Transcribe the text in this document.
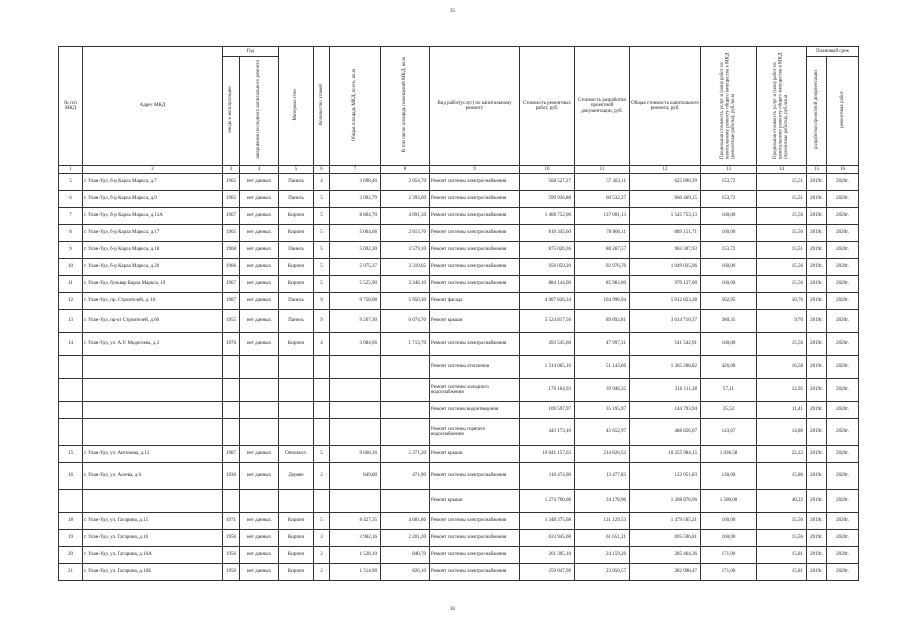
35
№ п/п МКД	Адрес МКД	Год		Материал стен	Количество этажей	Общая площадь МКД, всего, кв.м	В том числе площадь помещений МКД, кв.м	Вид работ(услуг) по капитальному ремонту	Стоимость ремонтных работ, руб.	Стоимость разработки проектной документации, руб.	Общая стоимость капитального ремонта, руб.	Предельная стоимость услуг и (или) работ по капитальному ремонту общего имущества в МКД (ремонтные работы), руб./кв.м	Предельная стоимость услуг и (или) работ по капитальному ремонту общего имущества в МКД (проектные работы), руб./кв.м	Плановый срок	
		ввода в эксплуатацию	завершения последнего капитального ремонта											разработки проектной документации	ремонтных работ
1	2	3	4	5	6	7	8	9	10	11	12	13	14	15	16
5	г. Улан-Удэ, б-р Карла Маркса, д.7	1965	нет данных	Панель	4	3 698,46	2 054,70	Ремонт системы электроснабжения	568 527,27	57 363,11	625 890,39	153,72	15,51	2019г.	2020г.
6	г. Улан-Удэ, б-р Карла Маркса, д.9	1965	нет данных	Панель	5	3 902,79	2 393,60	Ремонт системы электроснабжения	599 936,88	60 532,27	660 469,15	153,72	15,51	2019г.	2020г.
7	г. Улан-Удэ, б-р Карла Маркса, д.13А	1967	нет данных	Кирпич	5	8 804,70	4 891,50	Ремонт системы электроснабжения	1 408 752,00	137 001,13	1 545 753,13	160,00	15,56	2019г.	2020г.
8	г. Улан-Удэ, б-р Карла Маркса, д.17	1965	нет данных	Кирпич	5	5 064,66	2 813,70	Ремонт системы электроснабжения	810 345,60	78 806,11	889 151,71	160,00	15,56	2019г.	2020г.
9	г. Улан-Удэ, б-р Карла Маркса, д.18	1968	нет данных	Панель	5	5 692,30	3 579,10	Ремонт системы электроснабжения	875 020,36	88 287,57	963 307,93	153,72	15,51	2019г.	2020г.
10	г. Улан-Удэ, б-р Карла Маркса, д.20	1966	нет данных	Кирпич	5	5 975,37	3 319,65	Ремонт системы электроснабжения	956 059,20	92 976,76	1 049 035,96	160,00	15,56	2019г.	2020г.
11	г. Улан-Удэ, бульвар Карла Маркса, 19	1967	нет данных	Кирпич	5	5 525,90	3 348,10	Ремонт системы электроснабжения	884 144,00	85 983,00	970 127,00	160,00	15,56	2019г.	2020г.
12	г. Улан-Удэ, пр. Строителей, д. 10	1987	нет данных	Панель	9	9 758,08	5 950,30	Ремонт фасада	4 907 826,34	104 996,94	5 012 823,28	502,95	10,76	2019г.	2020г.
13	г. Улан-Удэ, пр-кт Строителей, д.66	1955	нет данных	Панель	9	9 267,30	6 074,70	Ремонт крыши	3 524 817,56	89 892,81	3 614 710,37	380,35	9,70	2019г.	2020г.
14	г. Улан-Удэ, ул. А.У. Модогоева, д.3	1976	нет данных	Кирпич	4	3 084,66	1 713,70	Ремонт системы электроснабжения	493 545,60	47 997,31	541 542,91	160,00	15,56	2019г.	2020г.
								Ремонт системы отопления	1 314 065,16	51 143,66	1 365 208,82	426,00	16,58	2019г.	2020г.
								Ремонт системы холодного водоснабжения	176 164,93	39 946,35	216 111,28	57,11	12,95	2019г.	2020г.
								Ремонт системы водоотведения	109 597,97	35 195,97	144 793,94	35,53	11,41	2019г.	2020г.
								Ремонт системы горячего водоснабжения	443 173,10	45 652,97	488 826,07	143,67	14,80	2019г.	2020г.
15	г. Улан-Удэ, ул. Антонова, д.12	1987	нет данных	Опилкист.	5	9 668,16	5 371,20	Ремонт крыши	10 041 157,63	214 826,52	10 255 984,15	1 038,58	22,22	2019г.	2020г.
16	г. Улан-Удэ, ул. Асеева, д.6	1930	нет данных	Дерево	2	849,80	471,90	Ремонт системы электроснабжения	110 474,00	13 477,83	123 951,83	130,00	15,86	2019г.	2020г.
								Ремонт крыши	1 274 700,00	34 178,96	1 308 878,96	1 500,00	40,22	2019г.	2020г.
18	г. Улан-Удэ, ул. Гагарина, д.15	1971	нет данных	Кирпич	5	8 427,35	4 681,86	Ремонт системы электроснабжения	1 348 375,68	131 129,53	1 479 505,21	160,00	15,56	2019г.	2020г.
19	г. Улан-Удэ, ул. Гагарина, д.16	1956	нет данных	Кирпич	3	3 962,16	2 201,20	Ремонт системы электроснабжения	633 945,60	61 651,21	695 596,81	160,00	15,56	2019г.	2020г.
20	г. Улан-Удэ, ул. Гагарина, д.16А	1956	нет данных	Кирпич	2	1 528,10	840,70	Ремонт системы электроснабжения	261 305,10	24 159,26	285 464,36	171,00	15,81	2019г.	2020г.
21	г. Улан-Удэ, ул. Гагарина, д.16Б	1956	нет данных	Кирпич	2	1 514,90	826,10	Ремонт системы электроснабжения	259 047,90	23 950,57	282 998,47	171,00	15,81	2019г.	2020г.
36
